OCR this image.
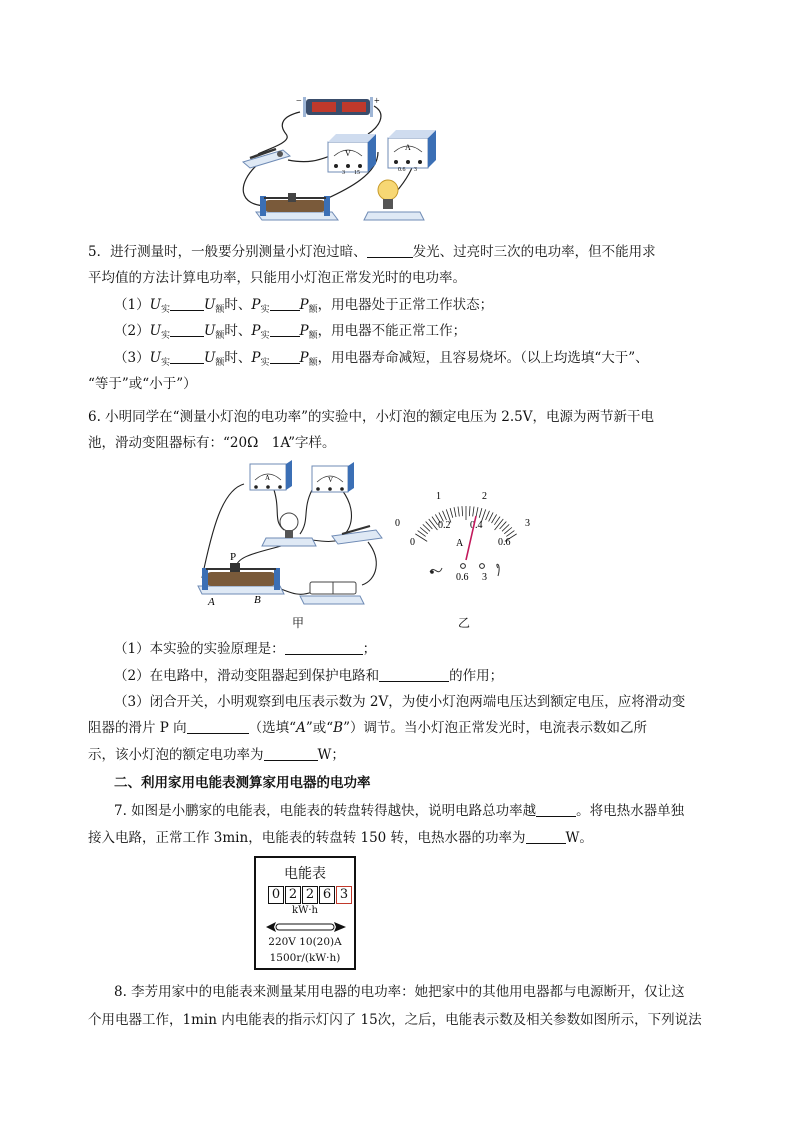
−	+
V
3 15
A
0.6 3
5．进行测量时，一般要分别测量小灯泡过暗、	发光、过亮时三次的电功率，但不能用求
平均值的方法计算电功率，只能用小灯泡正常发光时的电功率。
$(1)U_实$	$U_额$时、$P_实$ $P_额$，用电器处于正常工作状态；
$(2)U_实$	$U_额$时、$P_实$ $P_额$，用电器不能正常工作；
$(3)U_实$	$U_额$时、$P_实$ $P_额$，用电器寿命减短，且容易烧坏。（以上均选填“大于”、
“等于”或“小于”）
6. 小明同学在“测量小灯泡的电功率”的实验中，小灯泡的额定电压为 2.5V，电源为两节新干电
池，滑动变阻器标有：“20Ω　1A”字样。
A	V
P
A	B
0
1	2
3
0
0.2 0.4
0.6
A
0.6 3
甲	乙
（1）本实验的实验原理是：	；
（2）在电路中，滑动变阻器起到保护电路和	的作用；
（3）闭合开关，小明观察到电压表示数为 2V，为使小灯泡两端电压达到额定电压，应将滑动变
阻器的滑片 P 向	（选填“A”或“B”）调节。当小灯泡正常发光时，电流表示数如乙所
示，该小灯泡的额定电功率为	W；
二、利用家用电能表测算家用电器的电功率
7. 如图是小鹏家的电能表，电能表的转盘转得越快，说明电路总功率越	。将电热水器单独
接入电路，正常工作 3min，电能表的转盘转 150 转，电热水器的功率为	W。
电能表
0 2 2 6 3
kW·h
220V 10(20)A
1500r/(kW·h)
8. 李芳用家中的电能表来测量某用电器的电功率：她把家中的其他用电器都与电源断开，仅让这
个用电器工作，1min 内电能表的指示灯闪了 15次，之后，电能表示数及相关参数如图所示，下列说法
